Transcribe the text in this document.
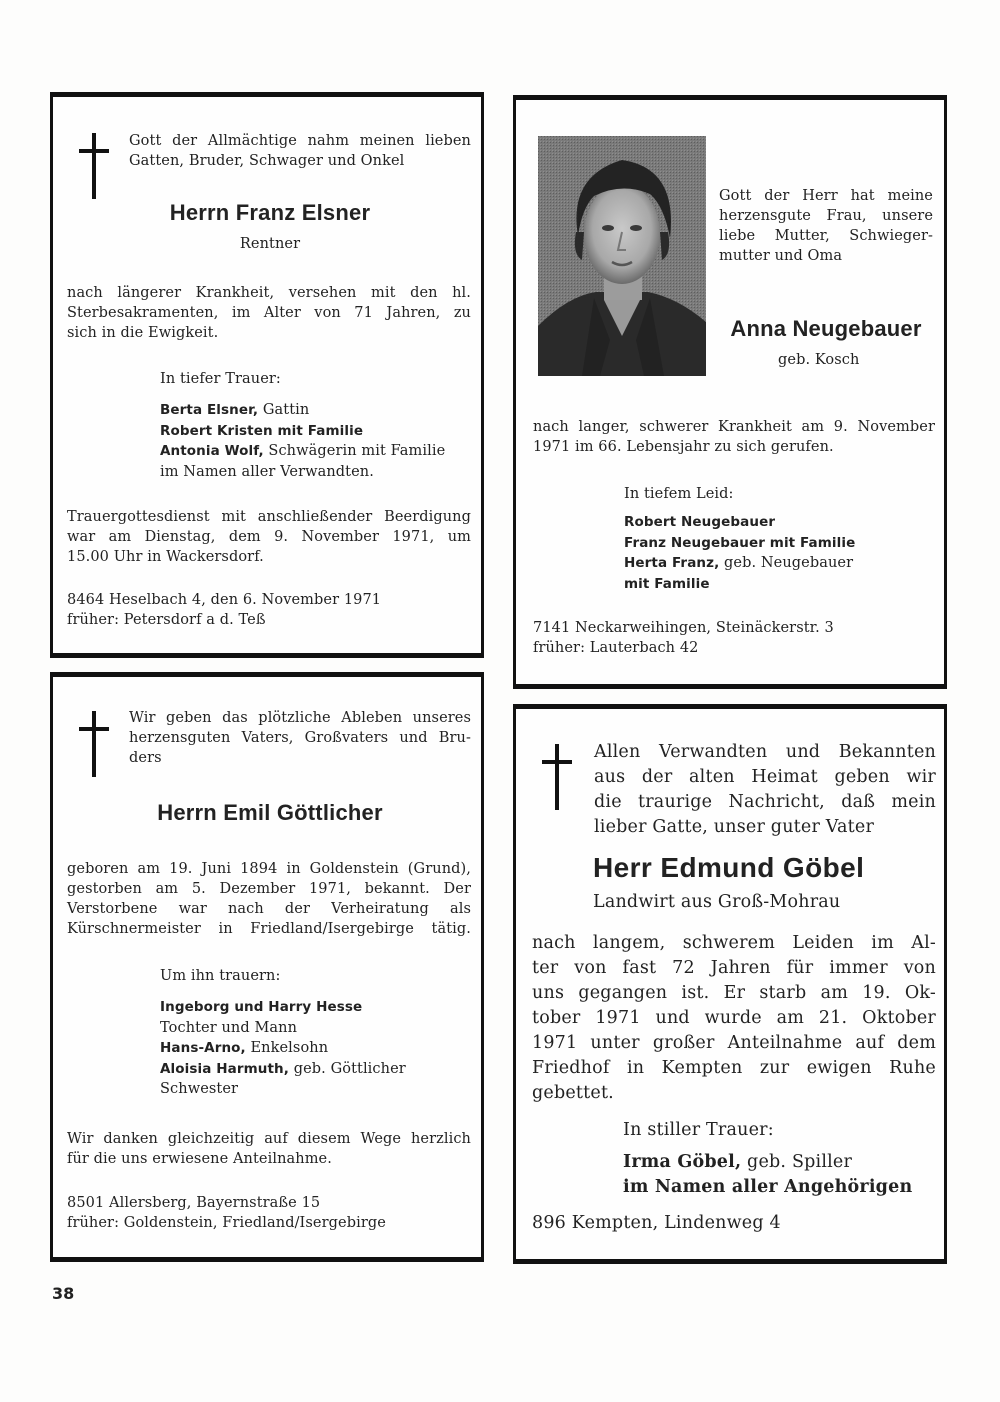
Gott der Allmächtige nahm meinen lieben
Gatten, Bruder, Schwager und Onkel
Herrn Franz Elsner
Rentner
nach längerer Krankheit, versehen mit den hl.
Sterbesakramenten, im Alter von 71 Jahren, zu
sich in die Ewigkeit.
In tiefer Trauer:
Berta Elsner, Gattin
Robert Kristen mit Familie
Antonia Wolf, Schwägerin mit Familie
im Namen aller Verwandten.
Trauergottesdienst mit anschließender Beerdigung
war am Dienstag, dem 9. November 1971, um
15.00 Uhr in Wackersdorf.
8464 Heselbach 4, den 6. November 1971
früher: Petersdorf a d. Teß
Gott der Herr hat meine
herzensgute Frau, unsere
liebe Mutter, Schwieger-
mutter und Oma
Anna Neugebauer
geb. Kosch
nach langer, schwerer Krankheit am 9. November
1971 im 66. Lebensjahr zu sich gerufen.
In tiefem Leid:
Robert Neugebauer
Franz Neugebauer mit Familie
Herta Franz, geb. Neugebauer
mit Familie
7141 Neckarweihingen, Steinäckerstr. 3
früher: Lauterbach 42
Wir geben das plötzliche Ableben unseres
herzensguten Vaters, Großvaters und Bru-
ders
Herrn Emil Göttlicher
geboren am 19. Juni 1894 in Goldenstein (Grund),
gestorben am 5. Dezember 1971, bekannt. Der
Verstorbene war nach der Verheiratung als
Kürschnermeister in Friedland/Isergebirge tätig.
Um ihn trauern:
Ingeborg und Harry Hesse
Tochter und Mann
Hans-Arno, Enkelsohn
Aloisia Harmuth, geb. Göttlicher
Schwester
Wir danken gleichzeitig auf diesem Wege herzlich
für die uns erwiesene Anteilnahme.
8501 Allersberg, Bayernstraße 15
früher: Goldenstein, Friedland/Isergebirge
Allen Verwandten und Bekannten
aus der alten Heimat geben wir
die traurige Nachricht, daß mein
lieber Gatte, unser guter Vater
Herr Edmund Göbel
Landwirt aus Groß-Mohrau
nach langem, schwerem Leiden im Al-
ter von fast 72 Jahren für immer von
uns gegangen ist. Er starb am 19. Ok-
tober 1971 und wurde am 21. Oktober
1971 unter großer Anteilnahme auf dem
Friedhof in Kempten zur ewigen Ruhe
gebettet.
In stiller Trauer:
Irma Göbel, geb. Spiller
im Namen aller Angehörigen
896 Kempten, Lindenweg 4
38
